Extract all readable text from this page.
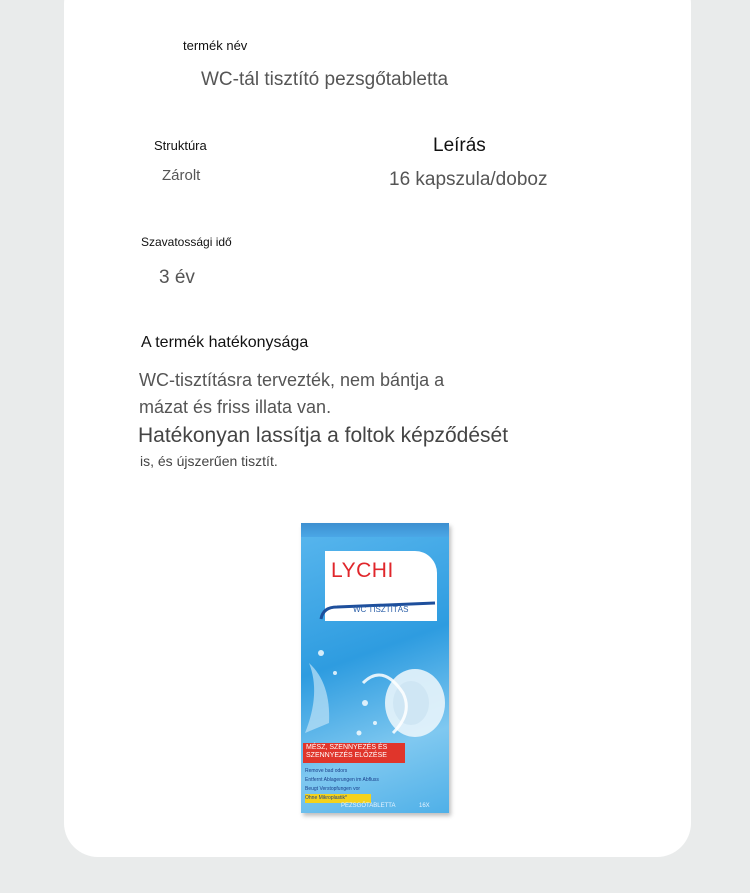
termék név
WC-tál tisztító pezsgőtabletta
Struktúra
Zárolt
Leírás
16 kapszula/doboz
Szavatossági idő
3 év
A termék hatékonysága
WC-tisztításra tervezték, nem bántja a
mázat és friss illata van.
Hatékonyan lassítja a foltok képződését
is, és újszerűen tisztít.
LYCHI
WC TISZTÍTÁS
MÉSZ, SZENNYEZÉS ÉS SZENNYEZÉS ELŐZÉSE
Remove bad odors
Entfernt Ablagerungen im Abfluss
Beugt Verstopfungen vor
Ohne Mikroplastik*
PEZSGŐTABLETTA	16X
